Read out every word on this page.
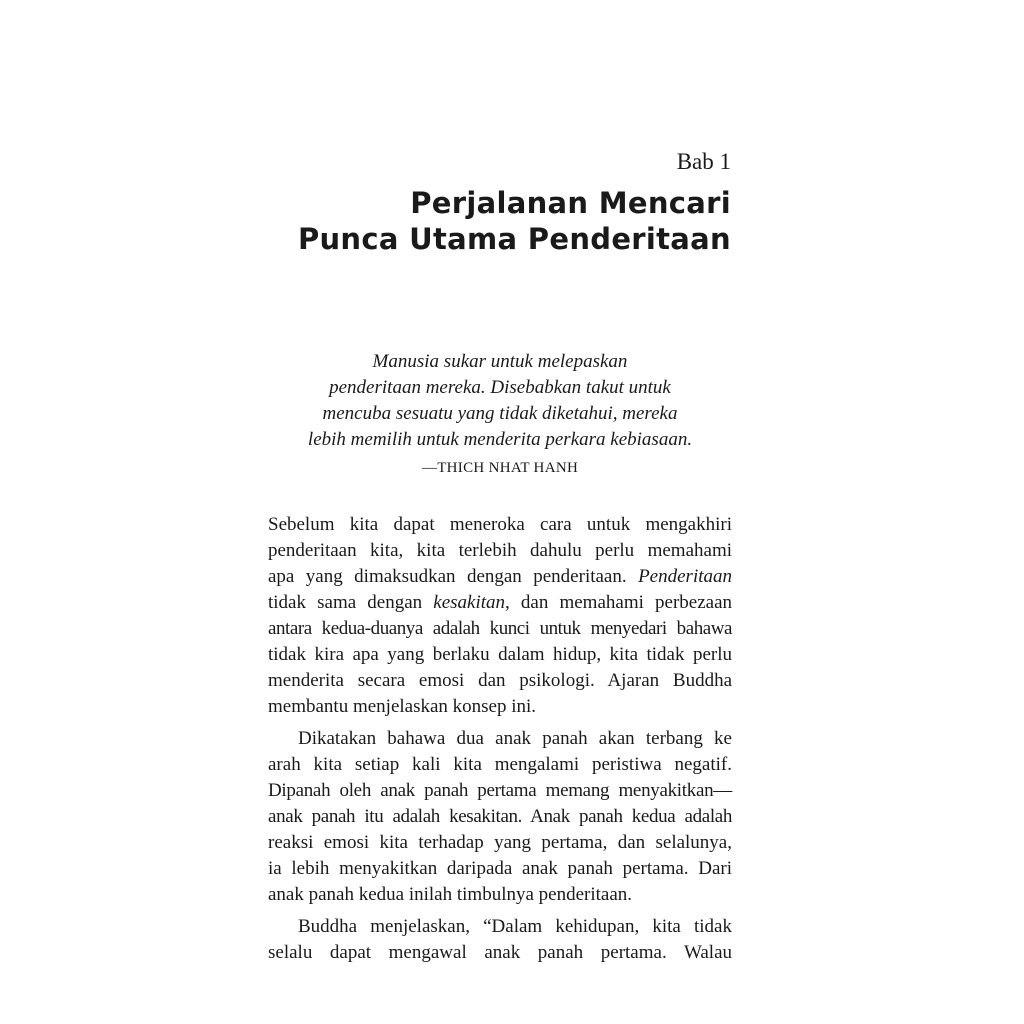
Bab 1
Perjalanan Mencari
Punca Utama Penderitaan
Manusia sukar untuk melepaskan
penderitaan mereka. Disebabkan takut untuk
mencuba sesuatu yang tidak diketahui, mereka
lebih memilih untuk menderita perkara kebiasaan.
—THICH NHAT HANH

Sebelum kita dapat meneroka cara untuk mengakhiri
penderitaan kita, kita terlebih dahulu perlu memahami
apa yang dimaksudkan dengan penderitaan. Penderitaan
tidak sama dengan kesakitan, dan memahami perbezaan
antara kedua-duanya adalah kunci untuk menyedari bahawa
tidak kira apa yang berlaku dalam hidup, kita tidak perlu
menderita secara emosi dan psikologi. Ajaran Buddha
membantu menjelaskan konsep ini.

Dikatakan bahawa dua anak panah akan terbang ke
arah kita setiap kali kita mengalami peristiwa negatif.
Dipanah oleh anak panah pertama memang menyakitkan—
anak panah itu adalah kesakitan. Anak panah kedua adalah
reaksi emosi kita terhadap yang pertama, dan selalunya,
ia lebih menyakitkan daripada anak panah pertama. Dari
anak panah kedua inilah timbulnya penderitaan.

Buddha menjelaskan, “Dalam kehidupan, kita tidak
selalu dapat mengawal anak panah pertama. Walau
